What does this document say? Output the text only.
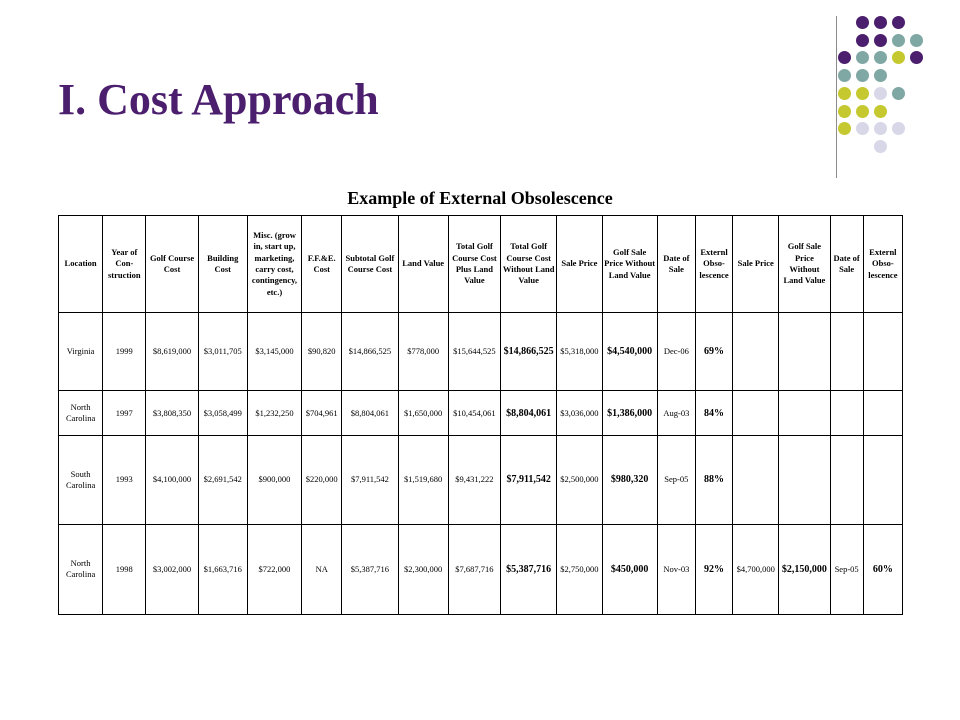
I. Cost Approach
Example of External Obsolescence
Location	Year of Con-struction	Golf Course Cost	Building Cost	Misc. (grow in, start up, marketing, carry cost, contingency, etc.)	F.F.&E. Cost	Subtotal Golf Course Cost	Land Value	Total Golf Course Cost Plus Land Value	Total Golf Course Cost Without Land Value	Sale Price	Golf Sale Price Without Land Value	Date of Sale	Externl Obso-lescence	Sale Price	Golf Sale Price Without Land Value	Date of Sale	Externl Obso-lescence
Virginia	1999	$8,619,000	$3,011,705	$3,145,000	$90,820	$14,866,525	$778,000	$15,644,525	$14,866,525	$5,318,000	$4,540,000	Dec-06	69%				
North Carolina	1997	$3,808,350	$3,058,499	$1,232,250	$704,961	$8,804,061	$1,650,000	$10,454,061	$8,804,061	$3,036,000	$1,386,000	Aug-03	84%				
South Carolina	1993	$4,100,000	$2,691,542	$900,000	$220,000	$7,911,542	$1,519,680	$9,431,222	$7,911,542	$2,500,000	$980,320	Sep-05	88%				
North Carolina	1998	$3,002,000	$1,663,716	$722,000	NA	$5,387,716	$2,300,000	$7,687,716	$5,387,716	$2,750,000	$450,000	Nov-03	92%	$4,700,000	$2,150,000	Sep-05	60%
